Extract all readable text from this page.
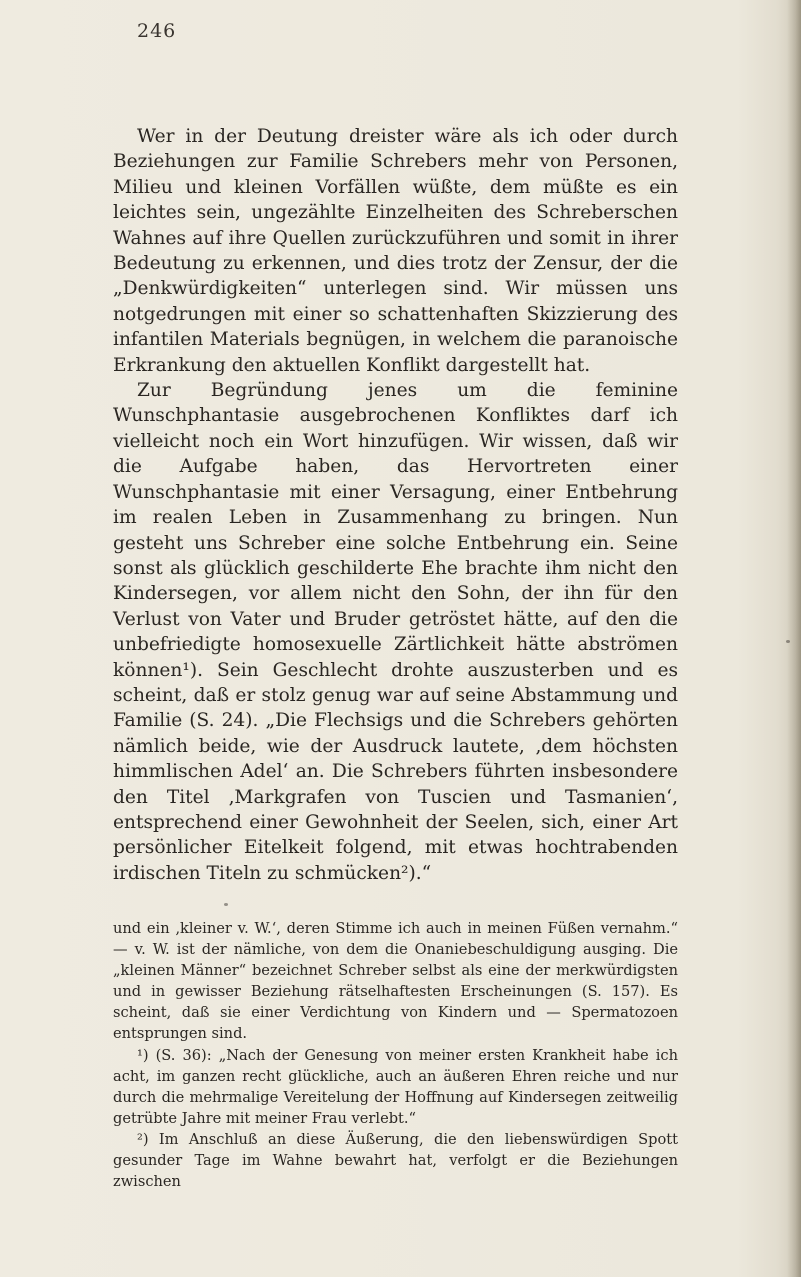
246

Wer in der Deutung dreister wäre als ich oder durch Beziehungen zur Familie Schrebers mehr von Personen, Milieu und kleinen Vorfällen wüßte, dem müßte es ein leichtes sein, ungezählte Einzelheiten des Schreberschen Wahnes auf ihre Quellen zurückzuführen und somit in ihrer Bedeutung zu erkennen, und dies trotz der Zensur, der die „Denkwürdigkeiten“ unterlegen sind. Wir müssen uns notgedrungen mit einer so schattenhaften Skizzierung des infantilen Materials begnügen, in welchem die paranoische Erkrankung den aktuellen Konflikt dargestellt hat.

Zur Begründung jenes um die feminine Wunschphantasie ausgebrochenen Konfliktes darf ich vielleicht noch ein Wort hinzufügen. Wir wissen, daß wir die Aufgabe haben, das Hervortreten einer Wunschphantasie mit einer Versagung, einer Entbehrung im realen Leben in Zusammenhang zu bringen. Nun gesteht uns Schreber eine solche Entbehrung ein. Seine sonst als glücklich geschilderte Ehe brachte ihm nicht den Kindersegen, vor allem nicht den Sohn, der ihn für den Verlust von Vater und Bruder getröstet hätte, auf den die unbefriedigte homosexuelle Zärtlichkeit hätte abströmen können¹). Sein Geschlecht drohte auszusterben und es scheint, daß er stolz genug war auf seine Abstammung und Familie (S. 24). „Die Flechsigs und die Schrebers gehörten nämlich beide, wie der Ausdruck lautete, ‚dem höchsten himmlischen Adel‘ an. Die Schrebers führten insbesondere den Titel ‚Markgrafen von Tuscien und Tasmanien‘, entsprechend einer Gewohnheit der Seelen, sich, einer Art persönlicher Eitelkeit folgend, mit etwas hochtrabenden irdischen Titeln zu schmücken²).“

und ein ‚kleiner v. W.‘, deren Stimme ich auch in meinen Füßen vernahm.“ — v. W. ist der nämliche, von dem die Onaniebeschuldigung ausging. Die „kleinen Männer“ bezeichnet Schreber selbst als eine der merkwürdigsten und in gewisser Beziehung rätselhaftesten Erscheinungen (S. 157). Es scheint, daß sie einer Verdichtung von Kindern und — Spermatozoen entsprungen sind.

¹) (S. 36): „Nach der Genesung von meiner ersten Krankheit habe ich acht, im ganzen recht glückliche, auch an äußeren Ehren reiche und nur durch die mehrmalige Vereitelung der Hoffnung auf Kindersegen zeitweilig getrübte Jahre mit meiner Frau verlebt.“

²) Im Anschluß an diese Äußerung, die den liebenswürdigen Spott gesunder Tage im Wahne bewahrt hat, verfolgt er die Beziehungen zwischen
